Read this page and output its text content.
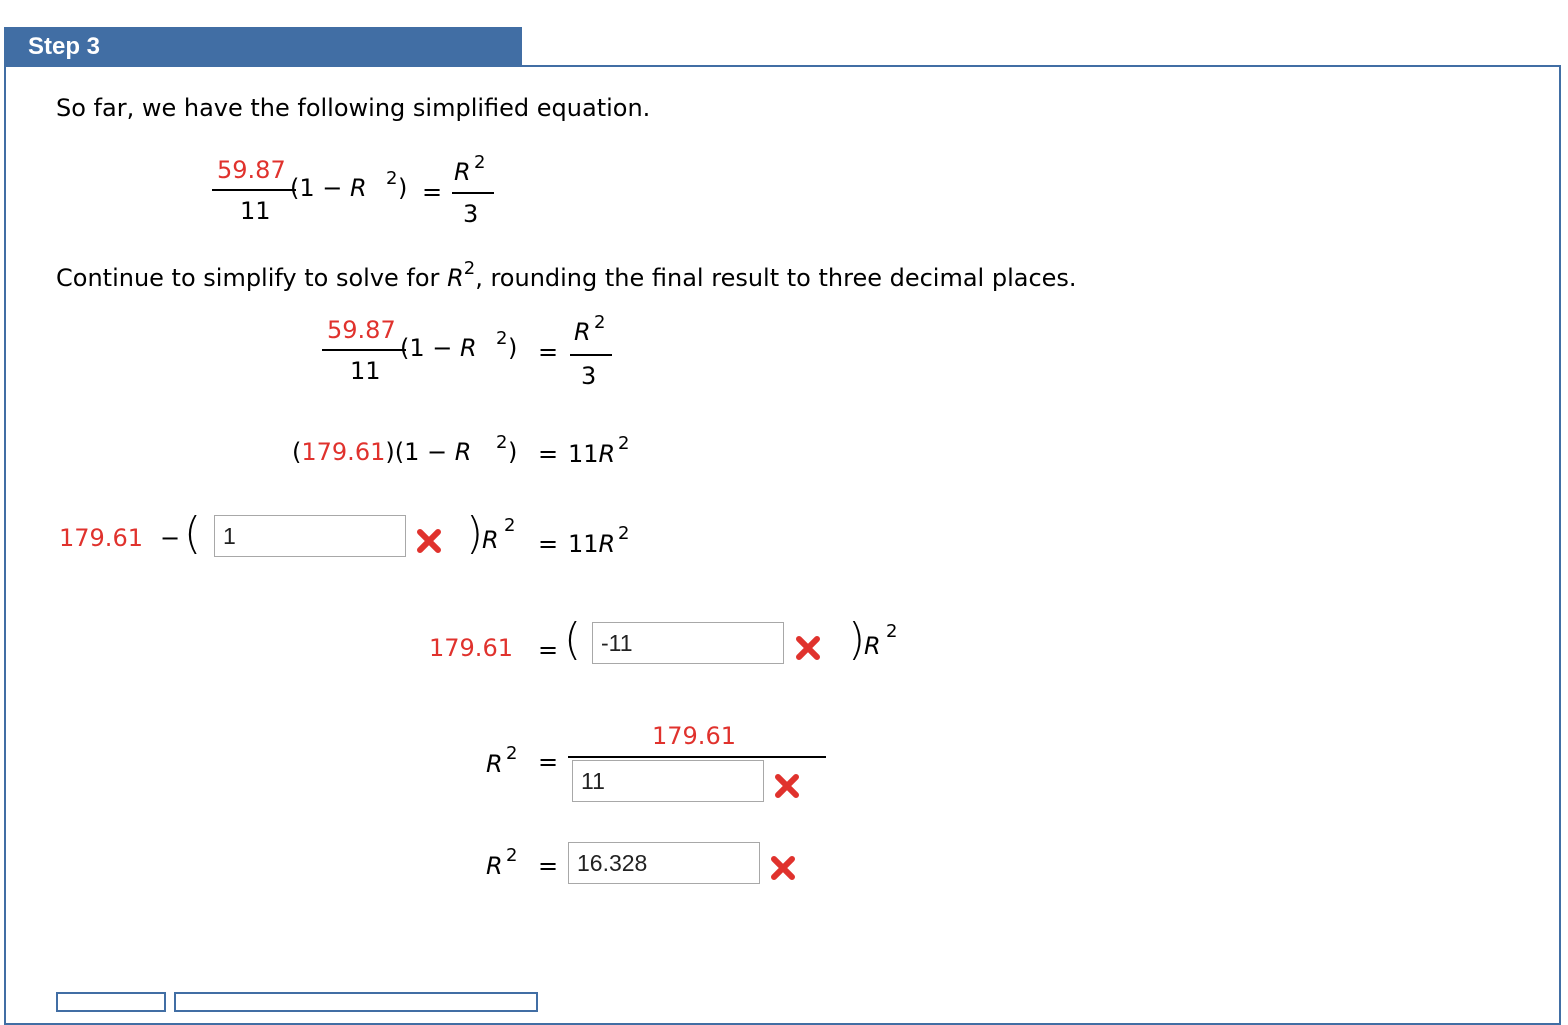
Step 3
So far, we have the following simplified equation.
59.87
11
(1 − R 2 ) =
R 2
3
Continue to simplify to solve for $R^2$, rounding the final result to three decimal places.
59.87
11
(1 − R 2 ) =
R 2
3
(179.61)(1 − R 2 ) = 11R 2
179.61 − (
1	)
R
2
= 11R 2
179.61 = (
-11	)
R
2
R 2 =
179.61
11
R 2 =
16.328
